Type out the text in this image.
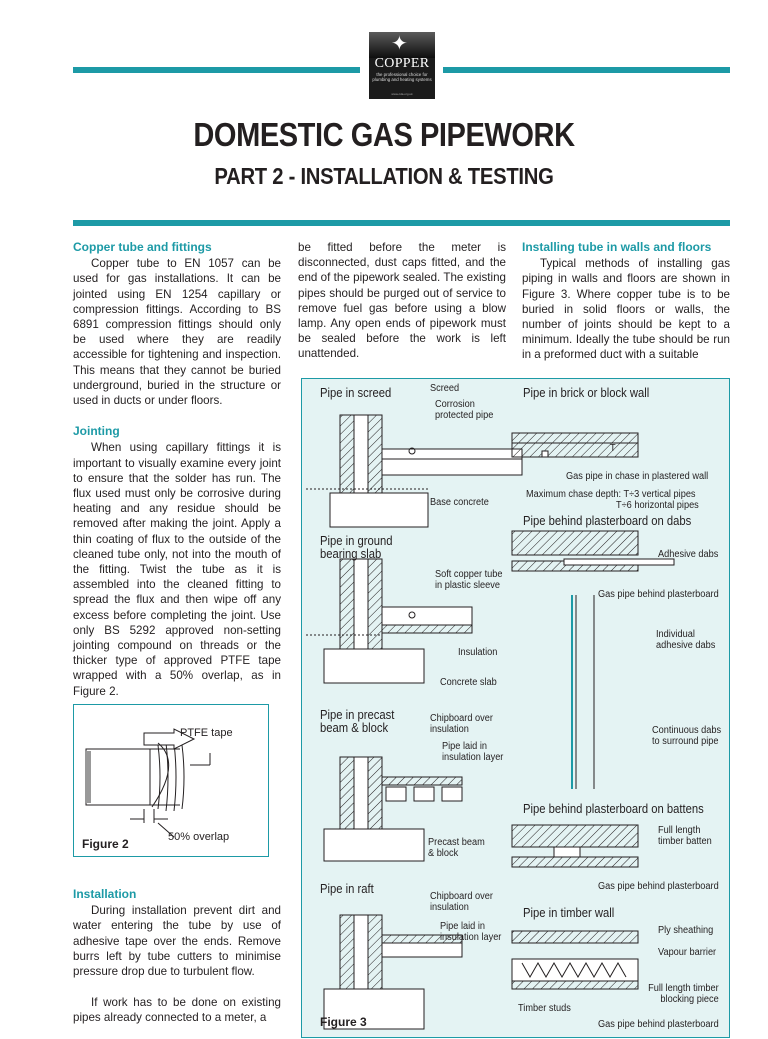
✦
COPPER
the professional choice for plumbing and heating systems
www.cda.org.uk
DOMESTIC GAS PIPEWORK
PART 2 - INSTALLATION & TESTING
Copper tube and fittings

Copper tube to EN 1057 can be used for gas installations. It can be jointed using EN 1254 capillary or compression fittings. According to BS 6891 compression fittings should only be used where they are readily accessible for tightening and inspection. This means that they cannot be buried underground, buried in the structure or used in ducts or under floors.

Jointing

When using capillary fittings it is important to visually examine every joint to ensure that the solder has run. The flux used must only be corrosive during heating and any residue should be removed after making the joint. Apply a thin coating of flux to the outside of the cleaned tube only, not into the mouth of the fitting. Twist the tube as it is assembled into the cleaned fitting to spread the flux and then wipe off any excess before completing the joint. Use only BS 5292 approved non-setting jointing compound on threads or the thicker type of approved PTFE tape wrapped with a 50% overlap, as in Figure 2.

Installation

During installation prevent dirt and water entering the tube by use of adhesive tape over the ends. Remove burrs left by tube cutters to minimise pressure drop due to turbulent flow.

If work has to be done on existing pipes already connected to a meter, a

PTFE tape
50% overlap
Figure 2

be fitted before the meter is disconnected, dust caps fitted, and the end of the pipework sealed. The existing pipes should be purged out of service to remove fuel gas before using a blow lamp. Any open ends of pipework must be sealed before the work is left unattended.

Installing tube in walls and floors

Typical methods of installing gas piping in walls and floors are shown in Figure 3. Where copper tube is to be buried in solid floors or walls, the number of joints should be kept to a minimum. Ideally the tube should be run in a preformed duct with a suitable

Pipe in screed	Screed
Corrosion protected pipe
Base concrete
Pipe in ground bearing slab
Soft copper tube in plastic sleeve
Insulation
Concrete slab
Pipe in precast beam & block
Chipboard over insulation
Pipe laid in insulation layer
Precast beam & block
Pipe in raft
Chipboard over insulation
Pipe laid in insulation layer
Pipe in brick or block wall
T
Gas pipe in chase in plastered wall
Maximum chase depth: T÷3 vertical pipes
T÷6 horizontal pipes
Pipe behind plasterboard on dabs
Adhesive dabs
Gas pipe behind plasterboard
Individual adhesive dabs
Continuous dabs to surround pipe
Pipe behind plasterboard on battens
Full length timber batten
Gas pipe behind plasterboard
Pipe in timber wall
Ply sheathing
Vapour barrier
Full length timber blocking piece
Timber studs
Gas pipe behind plasterboard
Figure 3
